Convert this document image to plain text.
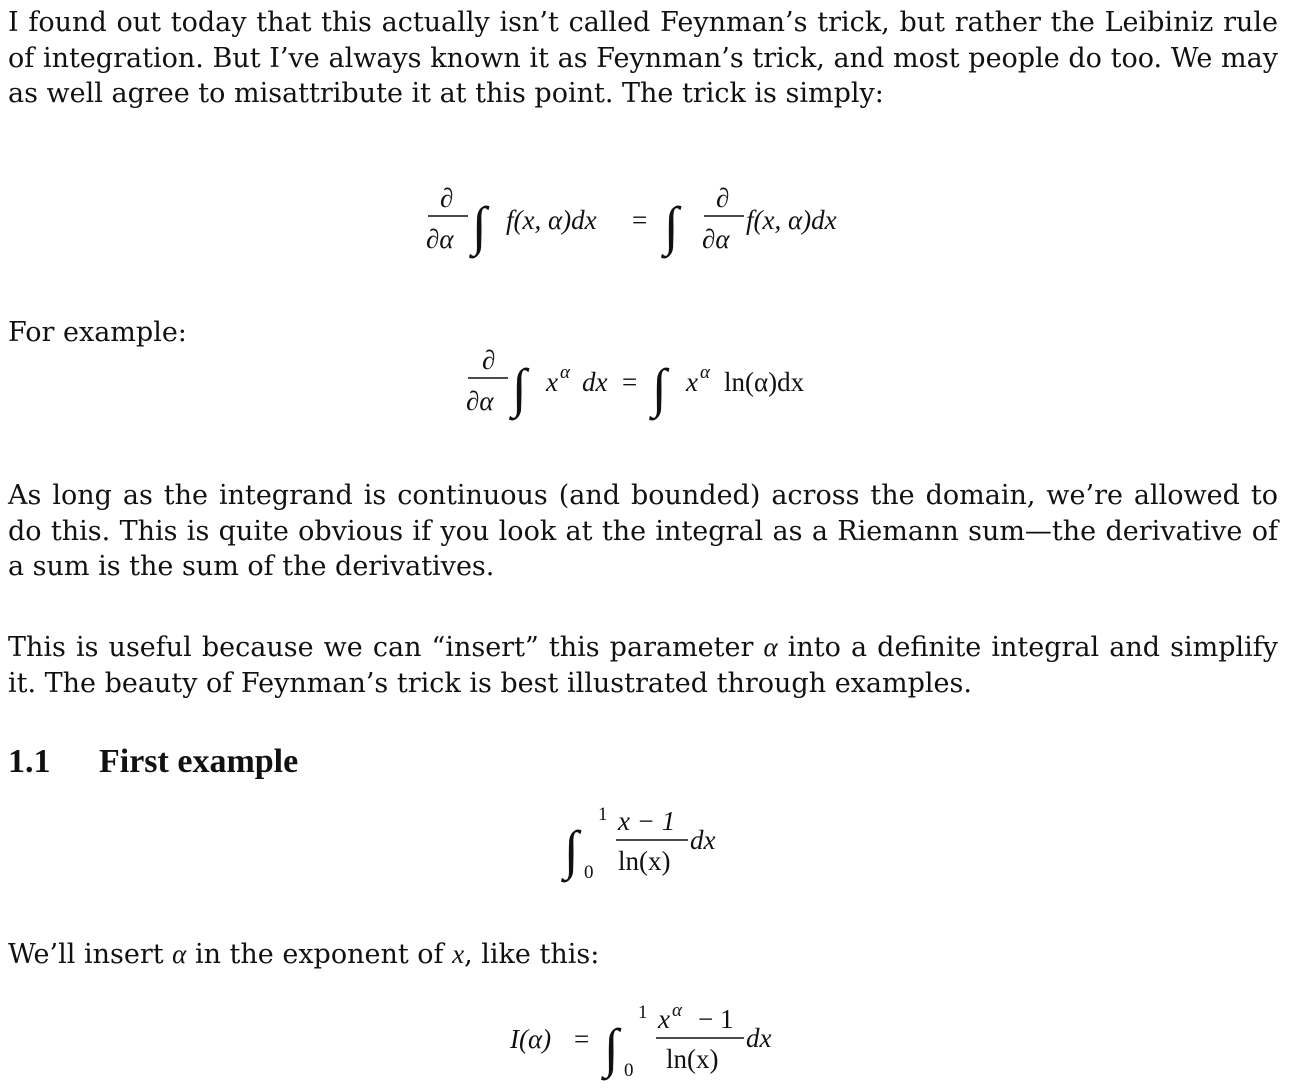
I found out today that this actually isn’t called Feynman’s trick, but rather the Leibiniz rule of integration. But I’ve always known it as Feynman’s trick, and most people do too. We may as well agree to misattribute it at this point. The trick is simply:

∂
∂α ∫ f(x, α)dx = ∫ ∂
∂α
f(x, α)dx
For example:
∂
∂α ∫ x α dx = ∫ x α ln(α)dx

As long as the integrand is continuous (and bounded) across the domain, we’re allowed to do this. This is quite obvious if you look at the integral as a Riemann sum—the derivative of a sum is the sum of the derivatives.

This is useful because we can “insert” this parameter α into a definite integral and simplify it. The beauty of Feynman’s trick is best illustrated through examples.

1.1 First example
∫
1
0
x − 1
ln(x)
dx
We’ll insert α in the exponent of x, like this:
I(α) = ∫
1
0
x α − 1
ln(x)
dx
